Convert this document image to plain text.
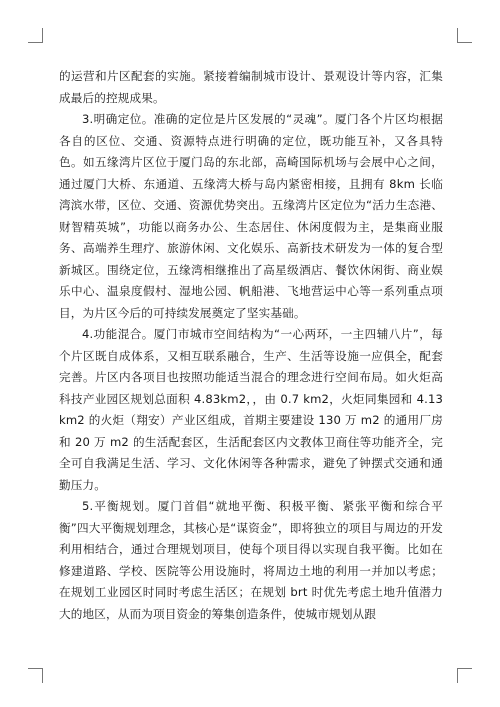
的运营和片区配套的实施。紧接着编制城市设计、景观设计等内容，汇集成最后的控规成果。

3.明确定位。准确的定位是片区发展的“灵魂”。厦门各个片区均根据各自的区位、交通、资源特点进行明确的定位，既功能互补，又各具特色。如五缘湾片区位于厦门岛的东北部，高崎国际机场与会展中心之间，通过厦门大桥、东通道、五缘湾大桥与岛内紧密相接，且拥有 8km 长临湾滨水带，区位、交通、资源优势突出。五缘湾片区定位为“活力生态港、财智精英城”，功能以商务办公、生态居住、休闲度假为主，是集商业服务、高端养生理疗、旅游休闲、文化娱乐、高新技术研发为一体的复合型新城区。围绕定位，五缘湾相继推出了高星级酒店、餐饮休闲街、商业娱乐中心、温泉度假村、湿地公园、帆船港、飞地营运中心等一系列重点项目，为片区今后的可持续发展奠定了坚实基础。

4.功能混合。厦门市城市空间结构为“一心两环，一主四辅八片”，每个片区既自成体系，又相互联系融合，生产、生活等设施一应俱全，配套完善。片区内各项目也按照功能适当混合的理念进行空间布局。如火炬高科技产业园区规划总面积 4.83km2，，由 0.7 km2，火炬同集园和 4.13 km2 的火炬（翔安）产业区组成，首期主要建设 130 万 m2 的通用厂房和 20 万 m2 的生活配套区，生活配套区内文教体卫商住等功能齐全，完全可自我满足生活、学习、文化休闲等各种需求，避免了钟摆式交通和通勤压力。

5.平衡规划。厦门首倡“就地平衡、积极平衡、紧张平衡和综合平衡”四大平衡规划理念，其核心是“谋资金”，即将独立的项目与周边的开发利用相结合，通过合理规划项目，使每个项目得以实现自我平衡。比如在修建道路、学校、医院等公用设施时，将周边土地的利用一并加以考虑；在规划工业园区时同时考虑生活区；在规划 brt 时优先考虑土地升值潜力大的地区，从而为项目资金的筹集创造条件，使城市规划从跟
